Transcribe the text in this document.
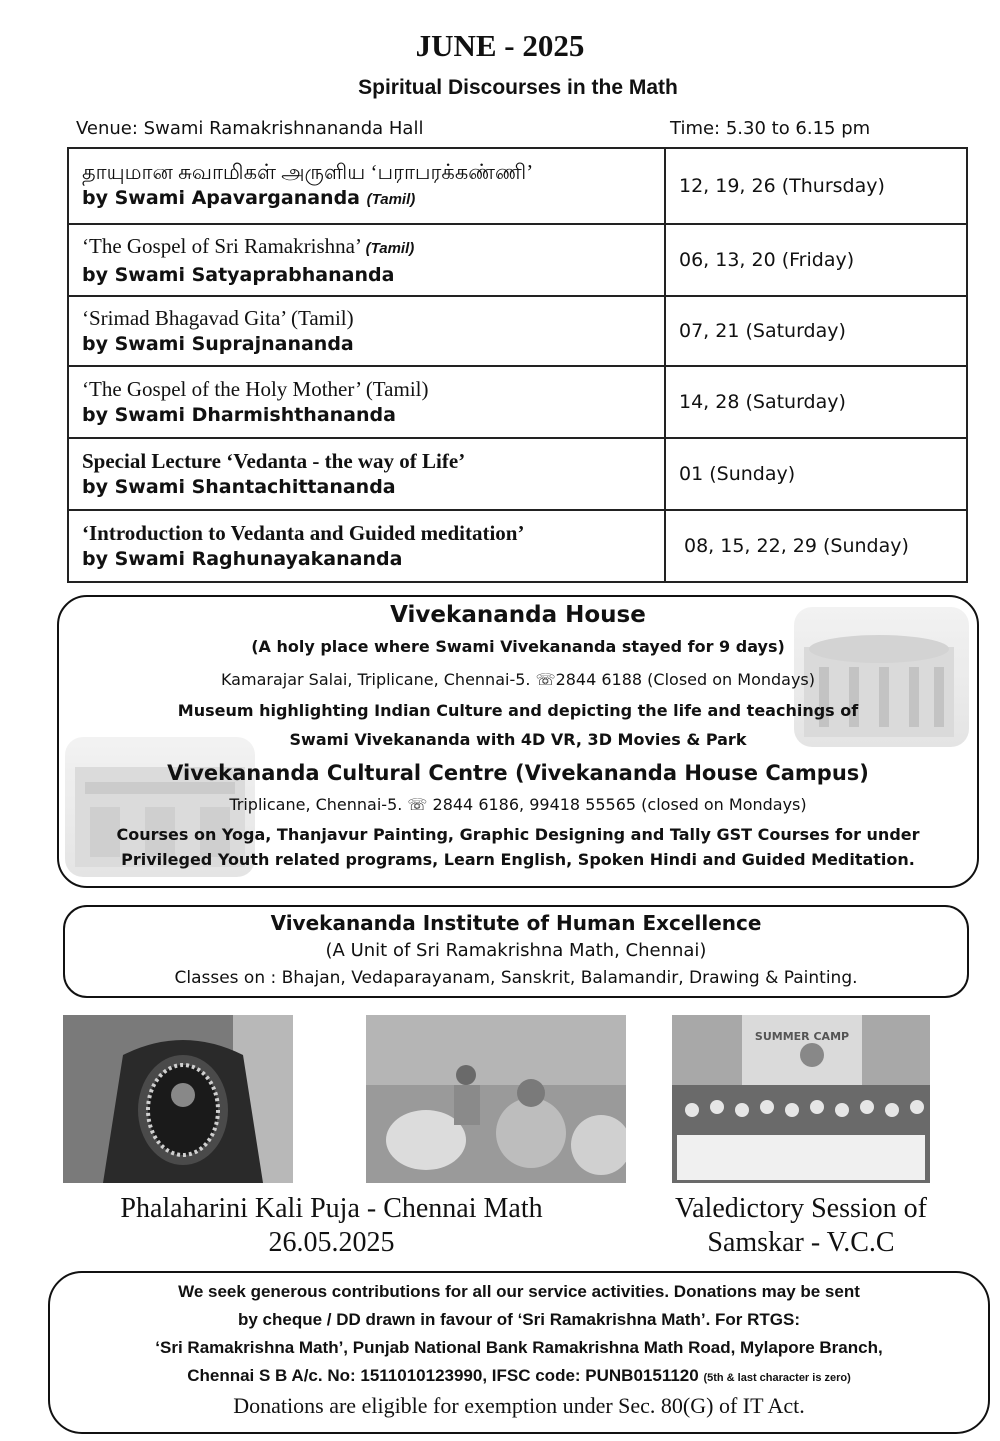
JUNE - 2025
Spiritual Discourses in the Math
Venue: Swami Ramakrishnananda Hall	Time: 5.30 to 6.15 pm
தாயுமான சுவாமிகள் அருளிய ‘பராபரக்கண்ணி’
by Swami Apavargananda (Tamil)	12, 19, 26 (Thursday)

‘The Gospel of Sri Ramakrishna’ (Tamil)
by Swami Satyaprabhananda	06, 13, 20 (Friday)

‘Srimad Bhagavad Gita’ (Tamil)
by Swami Suprajnananda	07, 21 (Saturday)

‘The Gospel of the Holy Mother’ (Tamil)
by Swami Dharmishthananda	14, 28 (Saturday)

Special Lecture ‘Vedanta - the way of Life’
by Swami Shantachittananda	01 (Sunday)

‘Introduction to Vedanta and Guided meditation’
by Swami Raghunayakananda	08, 15, 22, 29 (Sunday)
Vivekananda House
(A holy place where Swami Vivekananda stayed for 9 days)
Kamarajar Salai, Triplicane, Chennai-5. ☏2844 6188 (Closed on Mondays)
Museum highlighting Indian Culture and depicting the life and teachings of
Swami Vivekananda with 4D VR, 3D Movies & Park
Vivekananda Cultural Centre (Vivekananda House Campus)
Triplicane, Chennai-5. ☏ 2844 6186, 99418 55565 (closed on Mondays)
Courses on Yoga, Thanjavur Painting, Graphic Designing and Tally GST Courses for under
Privileged Youth related programs, Learn English, Spoken Hindi and Guided Meditation.
Vivekananda Institute of Human Excellence
(A Unit of Sri Ramakrishna Math, Chennai)
Classes on : Bhajan, Vedaparayanam, Sanskrit, Balamandir, Drawing & Painting.
SUMMER CAMP
Phalaharini Kali Puja - Chennai Math
26.05.2025
Valedictory Session of
Samskar - V.C.C
We seek generous contributions for all our service activities. Donations may be sent
by cheque / DD drawn in favour of ‘Sri Ramakrishna Math’. For RTGS:
‘Sri Ramakrishna Math’, Punjab National Bank Ramakrishna Math Road, Mylapore Branch,
Chennai S B A/c. No: 1511010123990, IFSC code: PUNB0151120 (5th & last character is zero)
Donations are eligible for exemption under Sec. 80(G) of IT Act.
